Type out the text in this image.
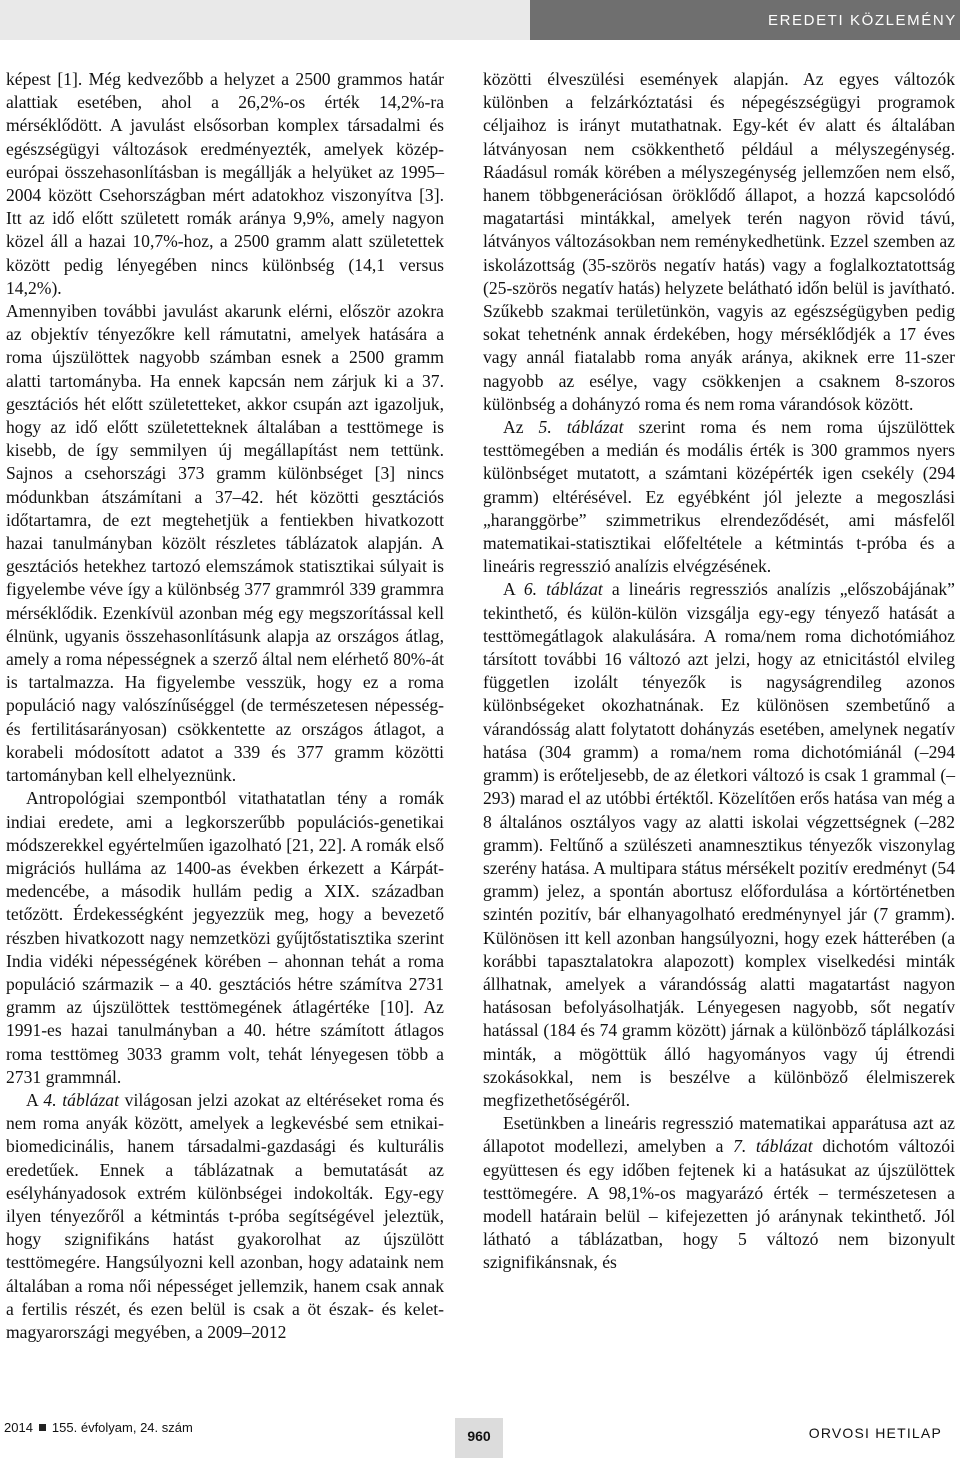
EREDETI KÖZLEMÉNY

képest [1]. Még kedvezőbb a helyzet a 2500 grammos határ alattiak esetében, ahol a 26,2%-os érték 14,2%-ra mérséklődött. A javulást elsősorban komplex társadalmi és egészségügyi változások eredményezték, amelyek közép-európai összehasonlításban is megállják a helyüket az 1995–2004 között Csehországban mért adatokhoz viszonyítva [3]. Itt az idő előtt született romák aránya 9,9%, amely nagyon közel áll a hazai 10,7%-hoz, a 2500 gramm alatt születettek között pedig lényegében nincs különbség (14,1 versus 14,2%).

Amennyiben további javulást akarunk elérni, először azokra az objektív tényezőkre kell rámutatni, amelyek hatására a roma újszülöttek nagyobb számban esnek a 2500 gramm alatti tartományba. Ha ennek kapcsán nem zárjuk ki a 37. gesztációs hét előtt születetteket, akkor csupán azt igazoljuk, hogy az idő előtt születetteknek általában a testtömege is kisebb, de így semmilyen új megállapítást nem tettünk. Sajnos a csehországi 373 gramm különbséget [3] nincs módunkban átszámítani a 37–42. hét közötti gesztációs időtartamra, de ezt megtehetjük a fentiekben hivatkozott hazai tanulmányban közölt részletes táblázatok alapján. A gesztációs hetekhez tartozó elemszámok statisztikai súlyait is figyelembe véve így a különbség 377 grammról 339 grammra mérséklődik. Ezenkívül azonban még egy megszorítással kell élnünk, ugyanis összehasonlításunk alapja az országos átlag, amely a roma népességnek a szerző által nem elérhető 80%-át is tartalmazza. Ha figyelembe vesszük, hogy ez a roma populáció nagy valószínűséggel (de természetesen népesség- és fertilitásarányosan) csökkentette az országos átlagot, a korabeli módosított adatot a 339 és 377 gramm közötti tartományban kell elhelyeznünk.

Antropológiai szempontból vitathatatlan tény a romák indiai eredete, ami a legkorszerűbb populációs-genetikai módszerekkel egyértelműen igazolható [21, 22]. A romák első migrációs hulláma az 1400-as években érkezett a Kárpát-medencébe, a második hullám pedig a XIX. században tetőzött. Érdekességként jegyezzük meg, hogy a bevezető részben hivatkozott nagy nemzetközi gyűjtőstatisztika szerint India vidéki népességének körében – ahonnan tehát a roma populáció származik – a 40. gesztációs hétre számítva 2731 gramm az újszülöttek testtömegének átlagértéke [10]. Az 1991-es hazai tanulmányban a 40. hétre számított átlagos roma testtömeg 3033 gramm volt, tehát lényegesen több a 2731 grammnál.

A 4. táblázat világosan jelzi azokat az eltéréseket roma és nem roma anyák között, amelyek a legkevésbé sem etnikai-biomedicinális, hanem társadalmi-gazdasági és kulturális eredetűek. Ennek a táblázatnak a bemutatását az esélyhányadosok extrém különbségei indokolták. Egy-egy ilyen tényezőről a kétmintás t-próba segítségével jeleztük, hogy szignifikáns hatást gyakorolhat az újszülött testtömegére. Hangsúlyozni kell azonban, hogy adataink nem általában a roma női népességet jellemzik, hanem csak annak a fertilis részét, és ezen belül is csak a öt észak- és kelet-magyarországi megyében, a 2009–2012

közötti élveszülési események alapján. Az egyes változók különben a felzárkóztatási és népegészségügyi programok céljaihoz is irányt mutathatnak. Egy-két év alatt és általában látványosan nem csökkenthető például a mélyszegénység. Ráadásul romák körében a mélyszegénység jellemzően nem első, hanem többgenerációsan öröklődő állapot, a hozzá kapcsolódó magatartási mintákkal, amelyek terén nagyon rövid távú, látványos változásokban nem reménykedhetünk. Ezzel szemben az iskolázottság (35-szörös negatív hatás) vagy a foglalkoztatottság (25-szörös negatív hatás) helyzete belátható időn belül is javítható. Szűkebb szakmai területünkön, vagyis az egészségügyben pedig sokat tehetnénk annak érdekében, hogy mérséklődjék a 17 éves vagy annál fiatalabb roma anyák aránya, akiknek erre 11-szer nagyobb az esélye, vagy csökkenjen a csaknem 8-szoros különbség a dohányzó roma és nem roma várandósok között.

Az 5. táblázat szerint roma és nem roma újszülöttek testtömegében a medián és modális érték is 300 grammos nyers különbséget mutatott, a számtani középérték igen csekély (294 gramm) eltérésével. Ez egyébként jól jelezte a megoszlási „haranggörbe” szimmetrikus elrendeződését, ami másfelől matematikai-statisztikai előfeltétele a kétmintás t-próba és a lineáris regresszió analízis elvégzésének.

A 6. táblázat a lineáris regressziós analízis „előszobájának” tekinthető, és külön-külön vizsgálja egy-egy tényező hatását a testtömegátlagok alakulására. A roma/nem roma dichotómiához társított további 16 változó azt jelzi, hogy az etnicitástól elvileg független izolált tényezők is nagyságrendileg azonos különbségeket okozhatnának. Ez különösen szembetűnő a várandósság alatt folytatott dohányzás esetében, amelynek negatív hatása (304 gramm) a roma/nem roma dichotómiánál (–294 gramm) is erőteljesebb, de az életkori változó is csak 1 grammal (–293) marad el az utóbbi értéktől. Közelítően erős hatása van még a 8 általános osztályos vagy az alatti iskolai végzettségnek (–282 gramm). Feltűnő a szülészeti anamnesztikus tényezők viszonylag szerény hatása. A multipara státus mérsékelt pozitív eredményt (54 gramm) jelez, a spontán abortusz előfordulása a kórtörténetben szintén pozitív, bár elhanyagolható eredménynyel jár (7 gramm). Különösen itt kell azonban hangsúlyozni, hogy ezek hátterében (a korábbi tapasztalatokra alapozott) komplex viselkedési minták állhatnak, amelyek a várandósság alatti magatartást nagyon hatásosan befolyásolhatják. Lényegesen nagyobb, sőt negatív hatással (184 és 74 gramm között) járnak a különböző táplálkozási minták, a mögöttük álló hagyományos vagy új étrendi szokásokkal, nem is beszélve a különböző élelmiszerek megfizethetőségéről.

Esetünkben a lineáris regresszió matematikai apparátusa azt az állapotot modellezi, amelyben a 7. táblázat dichotóm változói együttesen és egy időben fejtenek ki a hatásukat az újszülöttek testtömegére. A 98,1%-os magyarázó érték – természetesen a modell határain belül – kifejezetten jó aránynak tekinthető. Jól látható a táblázatban, hogy 5 változó nem bizonyult szignifikánsnak, és

2014 155. évfolyam, 24. szám
960	ORVOSI HETILAP
